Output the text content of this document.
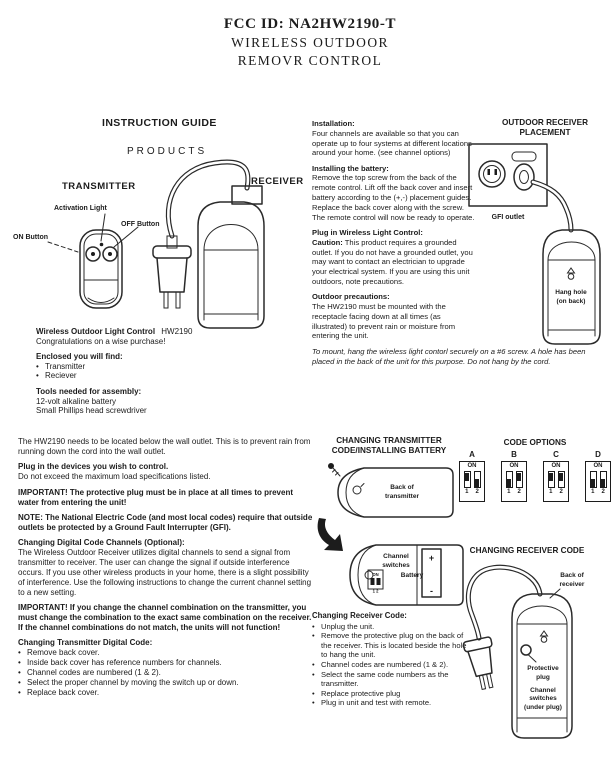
FCC ID: NA2HW2190-T
WIRELESS OUTDOOR
REMOVR CONTROL
INSTRUCTION GUIDE
PRODUCTS
TRANSMITTER	RECEIVER
Activation Light
OFF Button
ON Button
Wireless Outdoor Light Control HW2190
Congratulations on a wise purchase!
Enclosed you will find:
• Transmitter
• Reciever
Tools needed for assembly:
12-volt alkaline battery
Small Phillips head screwdriver

The HW2190 needs to be located below the wall outlet. This is to prevent rain from running down the cord into the wall outlet.

Plug in the devices you wish to control.
Do not exceed the maximum load specifications listed.

IMPORTANT! The protective plug must be in place at all times to prevent water from entering the unit!

NOTE: The National Electric Code (and most local codes) require that outside outlets be protected by a Ground Fault Interrupter (GFI).

Changing Digital Code Channels (Optional):
The Wireless Outdoor Receiver utilizes digital channels to send a signal from transmitter to receiver. The user can change the signal if outside interference occurs. If you use other wireless products in your home, there is a slight possibility of interference. Use the following instructions to change the current channel setting to a new setting.

IMPORTANT! If you change the channel combination on the transmitter, you must change the combination to the exact same combination on the receiver. If the channel combinations do not match, the units will not function!

Changing Transmitter Digital Code:
• Remove back cover.
• Inside back cover has reference numbers for channels.
• Channel codes are numbered (1 & 2).
• Select the proper channel by moving the switch up or down.
• Replace back cover.

Installation:
Four channels are available so that you can operate up to four systems at different locations around your home. (see channel options)
Installing the battery:
Remove the top screw from the back of the remote control. Lift off the back cover and insert battery according to the (+,-) placement guides. Replace the back cover along with the screw. The remote control will now be ready to operate.
Plug in Wireless Light Control:
Caution: This product requires a grounded outlet. If you do not have a grounded outlet, you may want to contact an electrician to upgrade your electrical system. If you are using this unit outdoors, note precautions.
Outdoor precautions:
The HW2190 must be mounted with the receptacle facing down at all times (as illustrated) to prevent rain or moisture from entering the unit.
To mount, hang the wireless light contorl securely on a #6 screw. A hole has been placed in the back of the unit for this purpose. Do not hang by the cord.
OUTDOOR RECEIVER
PLACEMENT
GFI outlet
Hang hole
(on back)
CHANGING TRANSMITTER
CODE/INSTALLING BATTERY
Back of
transmitter
Channel
switches
ON
1 2
+
-
Battery
CODE OPTIONS
A
ON
1 2
B
ON
1 2
C
ON
1 2
D
ON
1 2
Changing Receiver Code:
• Unplug the unit.
• Remove the protective plug on the back of the receiver. This is located beside the hole to hang the unit.
• Channel codes are numbered (1 & 2).
• Select the same code numbers as the transmitter.
• Replace protective plug
• Plug in unit and test with remote.
CHANGING RECEIVER CODE
Back of
receiver
Protective
plug
Channel
switches
(under plug)
